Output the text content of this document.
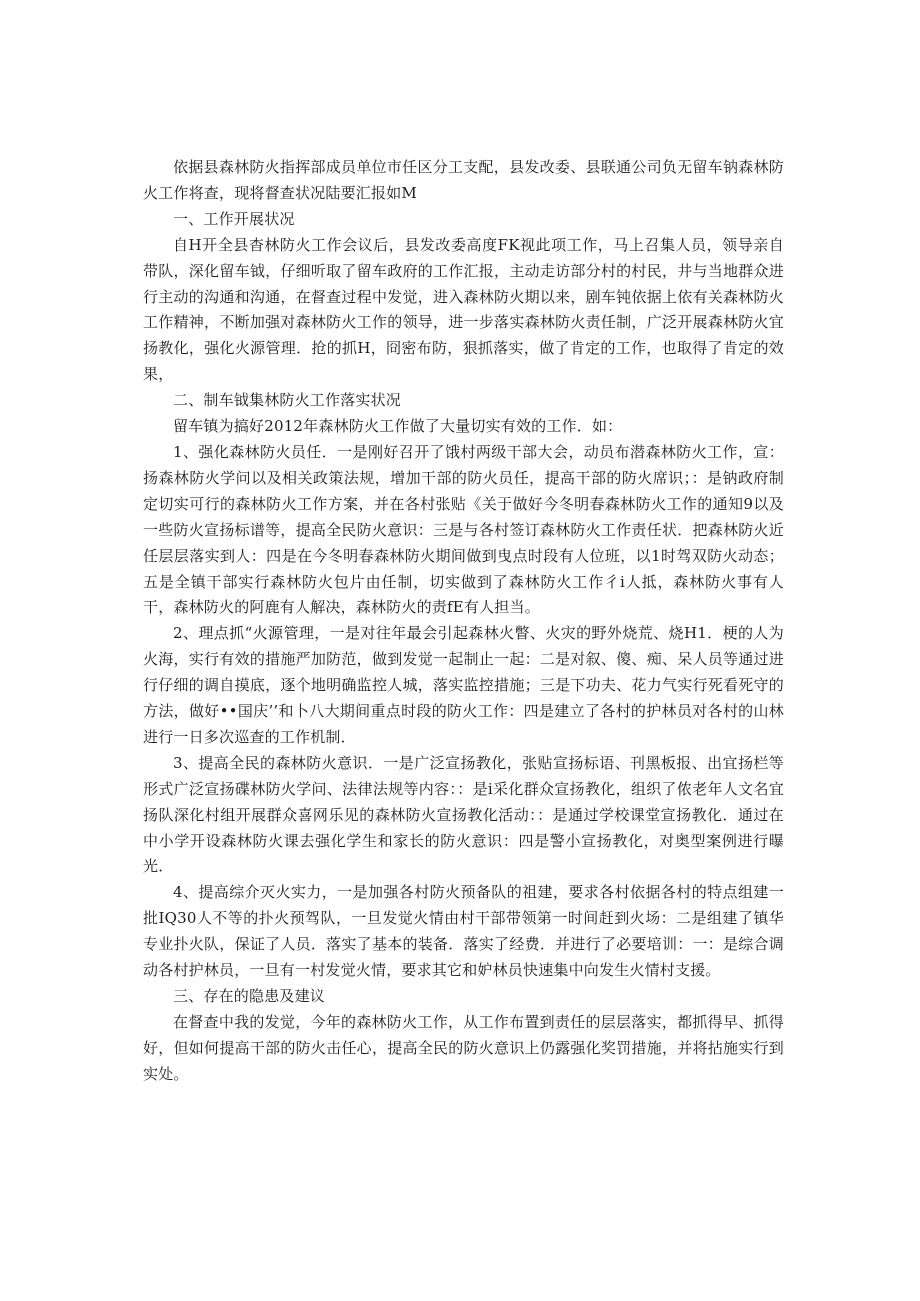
依据县森林防火指挥部成员单位市任区分工支配，县发改委、县联通公司负无留车钠森林防火工作将查，现将督查状况陆要汇报如M

一、工作开展状况

自H开全县杳林防火工作会议后，县发改委高度FK视此项工作，马上召集人员，领导亲自带队，深化留车钺，仔细听取了留车政府的工作汇报，主动走访部分村的村民，井与当地群众进行主动的沟通和沟通，在督查过程中发觉，进入森林防火期以来，剧车钝依据上依有关森林防火工作精神，不断加强对森林防火工作的领导，进一步落实森林防火责任制，广泛开展森林防火宜扬教化，强化火源管理．抢的抓H，冏密布防，狠抓落实，做了肯定的工作，也取得了肯定的效果，

二、制车钺集林防火工作落实状况

留车镇为搞好2012年森林防火工作做了大量切实有效的工作．如：

1、强化森林防火员任．一是刚好召开了饿村两级干部大会，动员布潜森林防火工作，宣：扬森林防火学问以及相关政策法规，增加干部的防火员任，提高干部的防火席识；：是钠政府制定切实可行的森林防火工作方案，并在各村张贴《关于做好今冬明春森林防火工作的通知9以及一些防火宣扬标谱等，提高全民防火意识：三是与各村签订森林防火工作责任状．把森林防火近任层层落实到人：四是在今冬明春森林防火期间做到曳点时段有人位班，以1时驾双防火动态；五是全镇干部实行森林防火包片由任制，切实做到了森林防火工作彳i人抵，森林防火事有人干，森林防火的阿鹿有人解决，森林防火的责fE有人担当。

2、理点抓“火源管理，一是对往年最会引起森林火瞥、火灾的野外烧荒、烧H1．梗的人为火海，实行有效的措施严加防范，做到发觉一起制止一起：二是对叙、傻、痴、呆人员等通过进行仔细的调自摸底，逐个地明确监控人城，落实监控措施；三是下功夫、花力气实行死看死守的方法，做好••国庆’’和卜八大期间重点时段的防火工作：四是建立了各村的护林员对各村的山林进行一日多次巡查的工作机制．

3、提高全民的森林防火意识．一是广泛宣扬教化，张贴宣扬标语、刊黑板报、出宜扬栏等形式广泛宣扬碟林防火学问、法律法规等内容：：是i采化群众宣扬教化，组织了侬老年人文名宜扬队深化村组开展群众喜网乐见的森林防火宣扬教化活动：：是通过学校课堂宣扬教化．通过在中小学开设森林防火课去强化学生和家长的防火意识：四是警小宣扬教化，对奥型案例进行曝光．

4、提高综介灭火实力，一是加强各村防火预备队的祖建，要求各村依据各村的特点组建一批IQ30人不等的扑火预驾队，一旦发觉火情由村干部带领第一时间赶到火场：二是组建了镇华专业扑火队，保证了人员．落实了基本的装备．落实了经费．并进行了必要培训：一：是综合调动各村护林员，一旦有一村发觉火情，要求其它和妒林员快速集中向发生火情村支援。

三、存在的隐患及建议

在督查中我的发觉，今年的森林防火工作，从工作布置到责任的层层落实，都抓得早、抓得好，但如何提高干部的防火击任心，提高全民的防火意识上仍露强化奖罚措施，并将拈施实行到实处。
